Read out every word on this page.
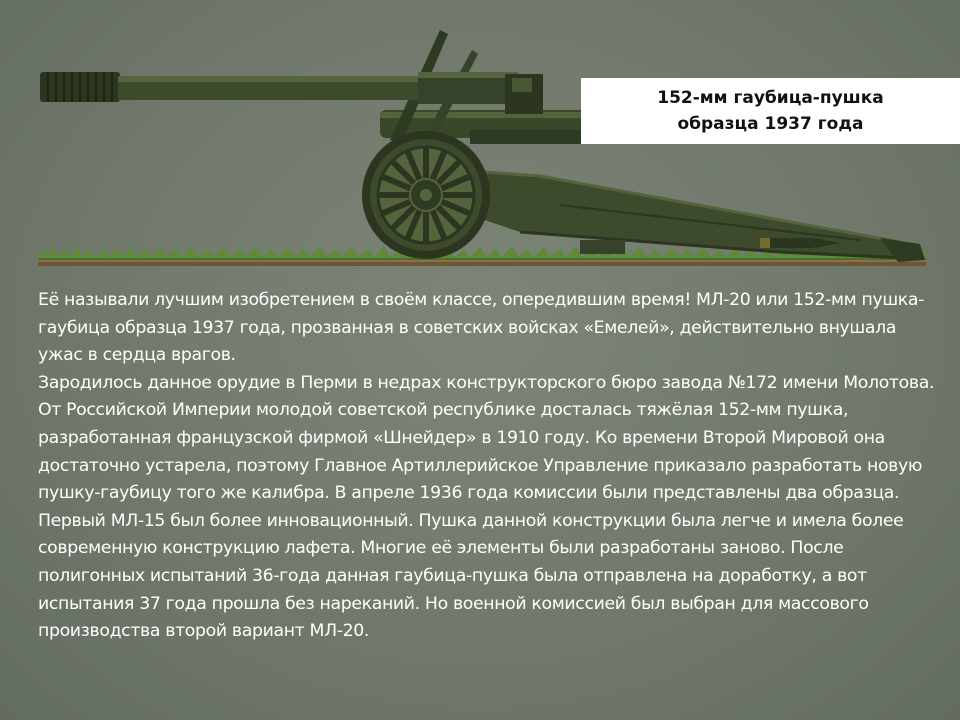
152-мм гаубица-пушка
образца 1937 года

Её называли лучшим изобретением в своём классе, опередившим время! МЛ-20 или 152-мм пушка-гаубица образца 1937 года, прозванная в советских войсках «Емелей», действительно внушала ужас в сердца врагов.

Зародилось данное орудие в Перми в недрах конструкторского бюро завода №172 имени Молотова. От Российской Империи молодой советской республике досталась тяжёлая 152-мм пушка, разработанная французской фирмой «Шнейдер» в 1910 году. Ко времени Второй Мировой она достаточно устарела, поэтому Главное Артиллерийское Управление приказало разработать новую пушку-гаубицу того же калибра. В апреле 1936 года комиссии были представлены два образца. Первый МЛ-15 был более инновационный. Пушка данной конструкции была легче и имела более современную конструкцию лафета. Многие её элементы были разработаны заново. После полигонных испытаний 36-года данная гаубица-пушка была отправлена на доработку, а вот испытания 37 года прошла без нареканий. Но военной комиссией был выбран для массового производства второй вариант МЛ-20.
